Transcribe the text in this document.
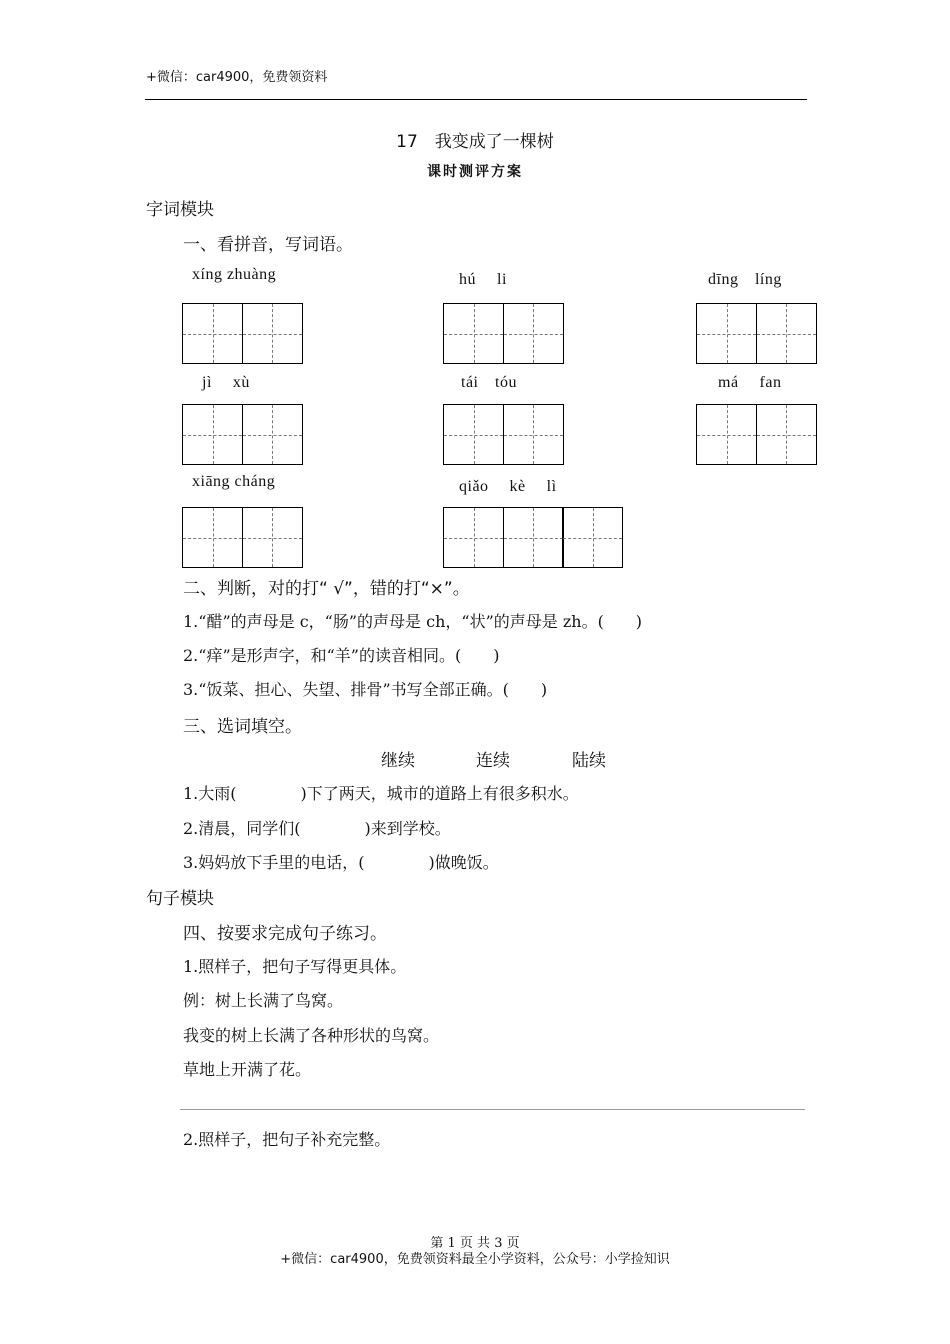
+微信：car4900，免费领资料
17　我变成了一棵树
课时测评方案
字词模块
一、看拼音，写词语。
xíng zhuàng	hú　 li	dīng　líng
jì　 xù	tái　tóu	má　 fan
xiāng cháng	qiǎo　 kè　 lì
二、判断，对的打“ √”，错的打“×”。
1.“醋”的声母是 c，“肠”的声母是 ch，“状”的声母是 zh。(　　)
2.“痒”是形声字，和“羊”的读音相同。(　　)
3.“饭菜、担心、失望、排骨”书写全部正确。(　　)
三、选词填空。
继续	连续	陆续
1.大雨(　　　　)下了两天，城市的道路上有很多积水。
2.清晨，同学们(　　　　)来到学校。
3.妈妈放下手里的电话，(　　　　)做晚饭。
句子模块
四、按要求完成句子练习。
1.照样子，把句子写得更具体。
例：树上长满了鸟窝。
我变的树上长满了各种形状的鸟窝。
草地上开满了花。
2.照样子，把句子补充完整。
第 1 页 共 3 页
+微信：car4900，免费领资料最全小学资料，公众号：小学捡知识
